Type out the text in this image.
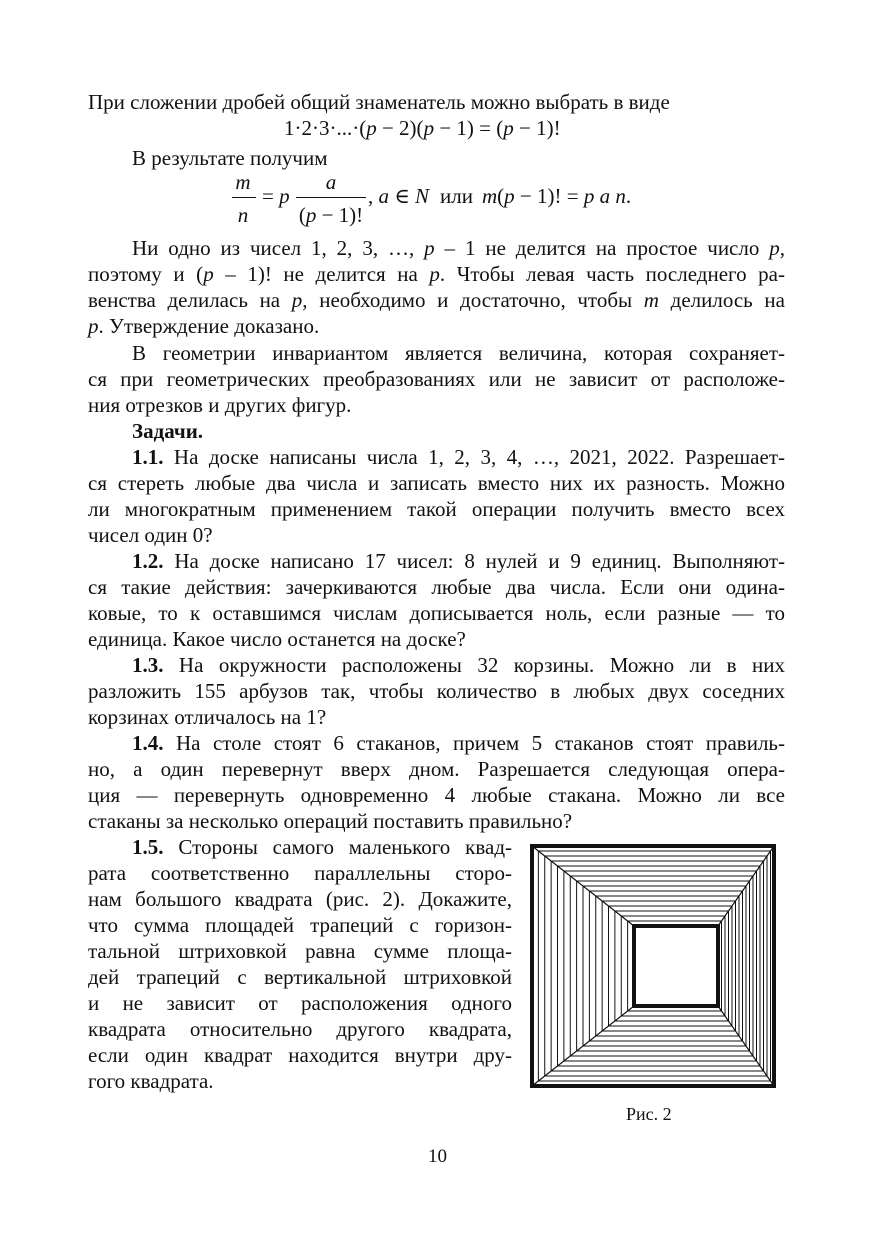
При сложении дробей общий знаменатель можно выбрать в виде
1·2·3·...·(p − 2)(p − 1) = (p − 1)!
В результате получим
m
n
= p
a
(p − 1)!
, a ∈ N или m(p − 1)! = p a n.
Ни одно из чисел 1, 2, 3, …, p – 1 не делится на простое число p,
поэтому и (p – 1)! не делится на p. Чтобы левая часть последнего ра-
венства делилась на p, необходимо и достаточно, чтобы m делилось на
p. Утверждение доказано.
В геометрии инвариантом является величина, которая сохраняет-
ся при геометрических преобразованиях или не зависит от расположе-
ния отрезков и других фигур.
Задачи.
1.1. На доске написаны числа 1, 2, 3, 4, …, 2021, 2022. Разрешает-
ся стереть любые два числа и записать вместо них их разность. Можно
ли многократным применением такой операции получить вместо всех
чисел один 0?
1.2. На доске написано 17 чисел: 8 нулей и 9 единиц. Выполняют-
ся такие действия: зачеркиваются любые два числа. Если они одина-
ковые, то к оставшимся числам дописывается ноль, если разные — то
единица. Какое число останется на доске?
1.3. На окружности расположены 32 корзины. Можно ли в них
разложить 155 арбузов так, чтобы количество в любых двух соседних
корзинах отличалось на 1?
1.4. На столе стоят 6 стаканов, причем 5 стаканов стоят правиль-
но, а один перевернут вверх дном. Разрешается следующая опера-
ция — перевернуть одновременно 4 любые стакана. Можно ли все
стаканы за несколько операций поставить правильно?
1.5. Стороны самого маленького квад-
рата соответственно параллельны сторо-
нам большого квадрата (рис. 2). Докажите,
что сумма площадей трапеций с горизон-
тальной штриховкой равна сумме площа-
дей трапеций с вертикальной штриховкой
и не зависит от расположения одного
квадрата относительно другого квадрата,
если один квадрат находится внутри дру-
гого квадрата.
Рис. 2
10
